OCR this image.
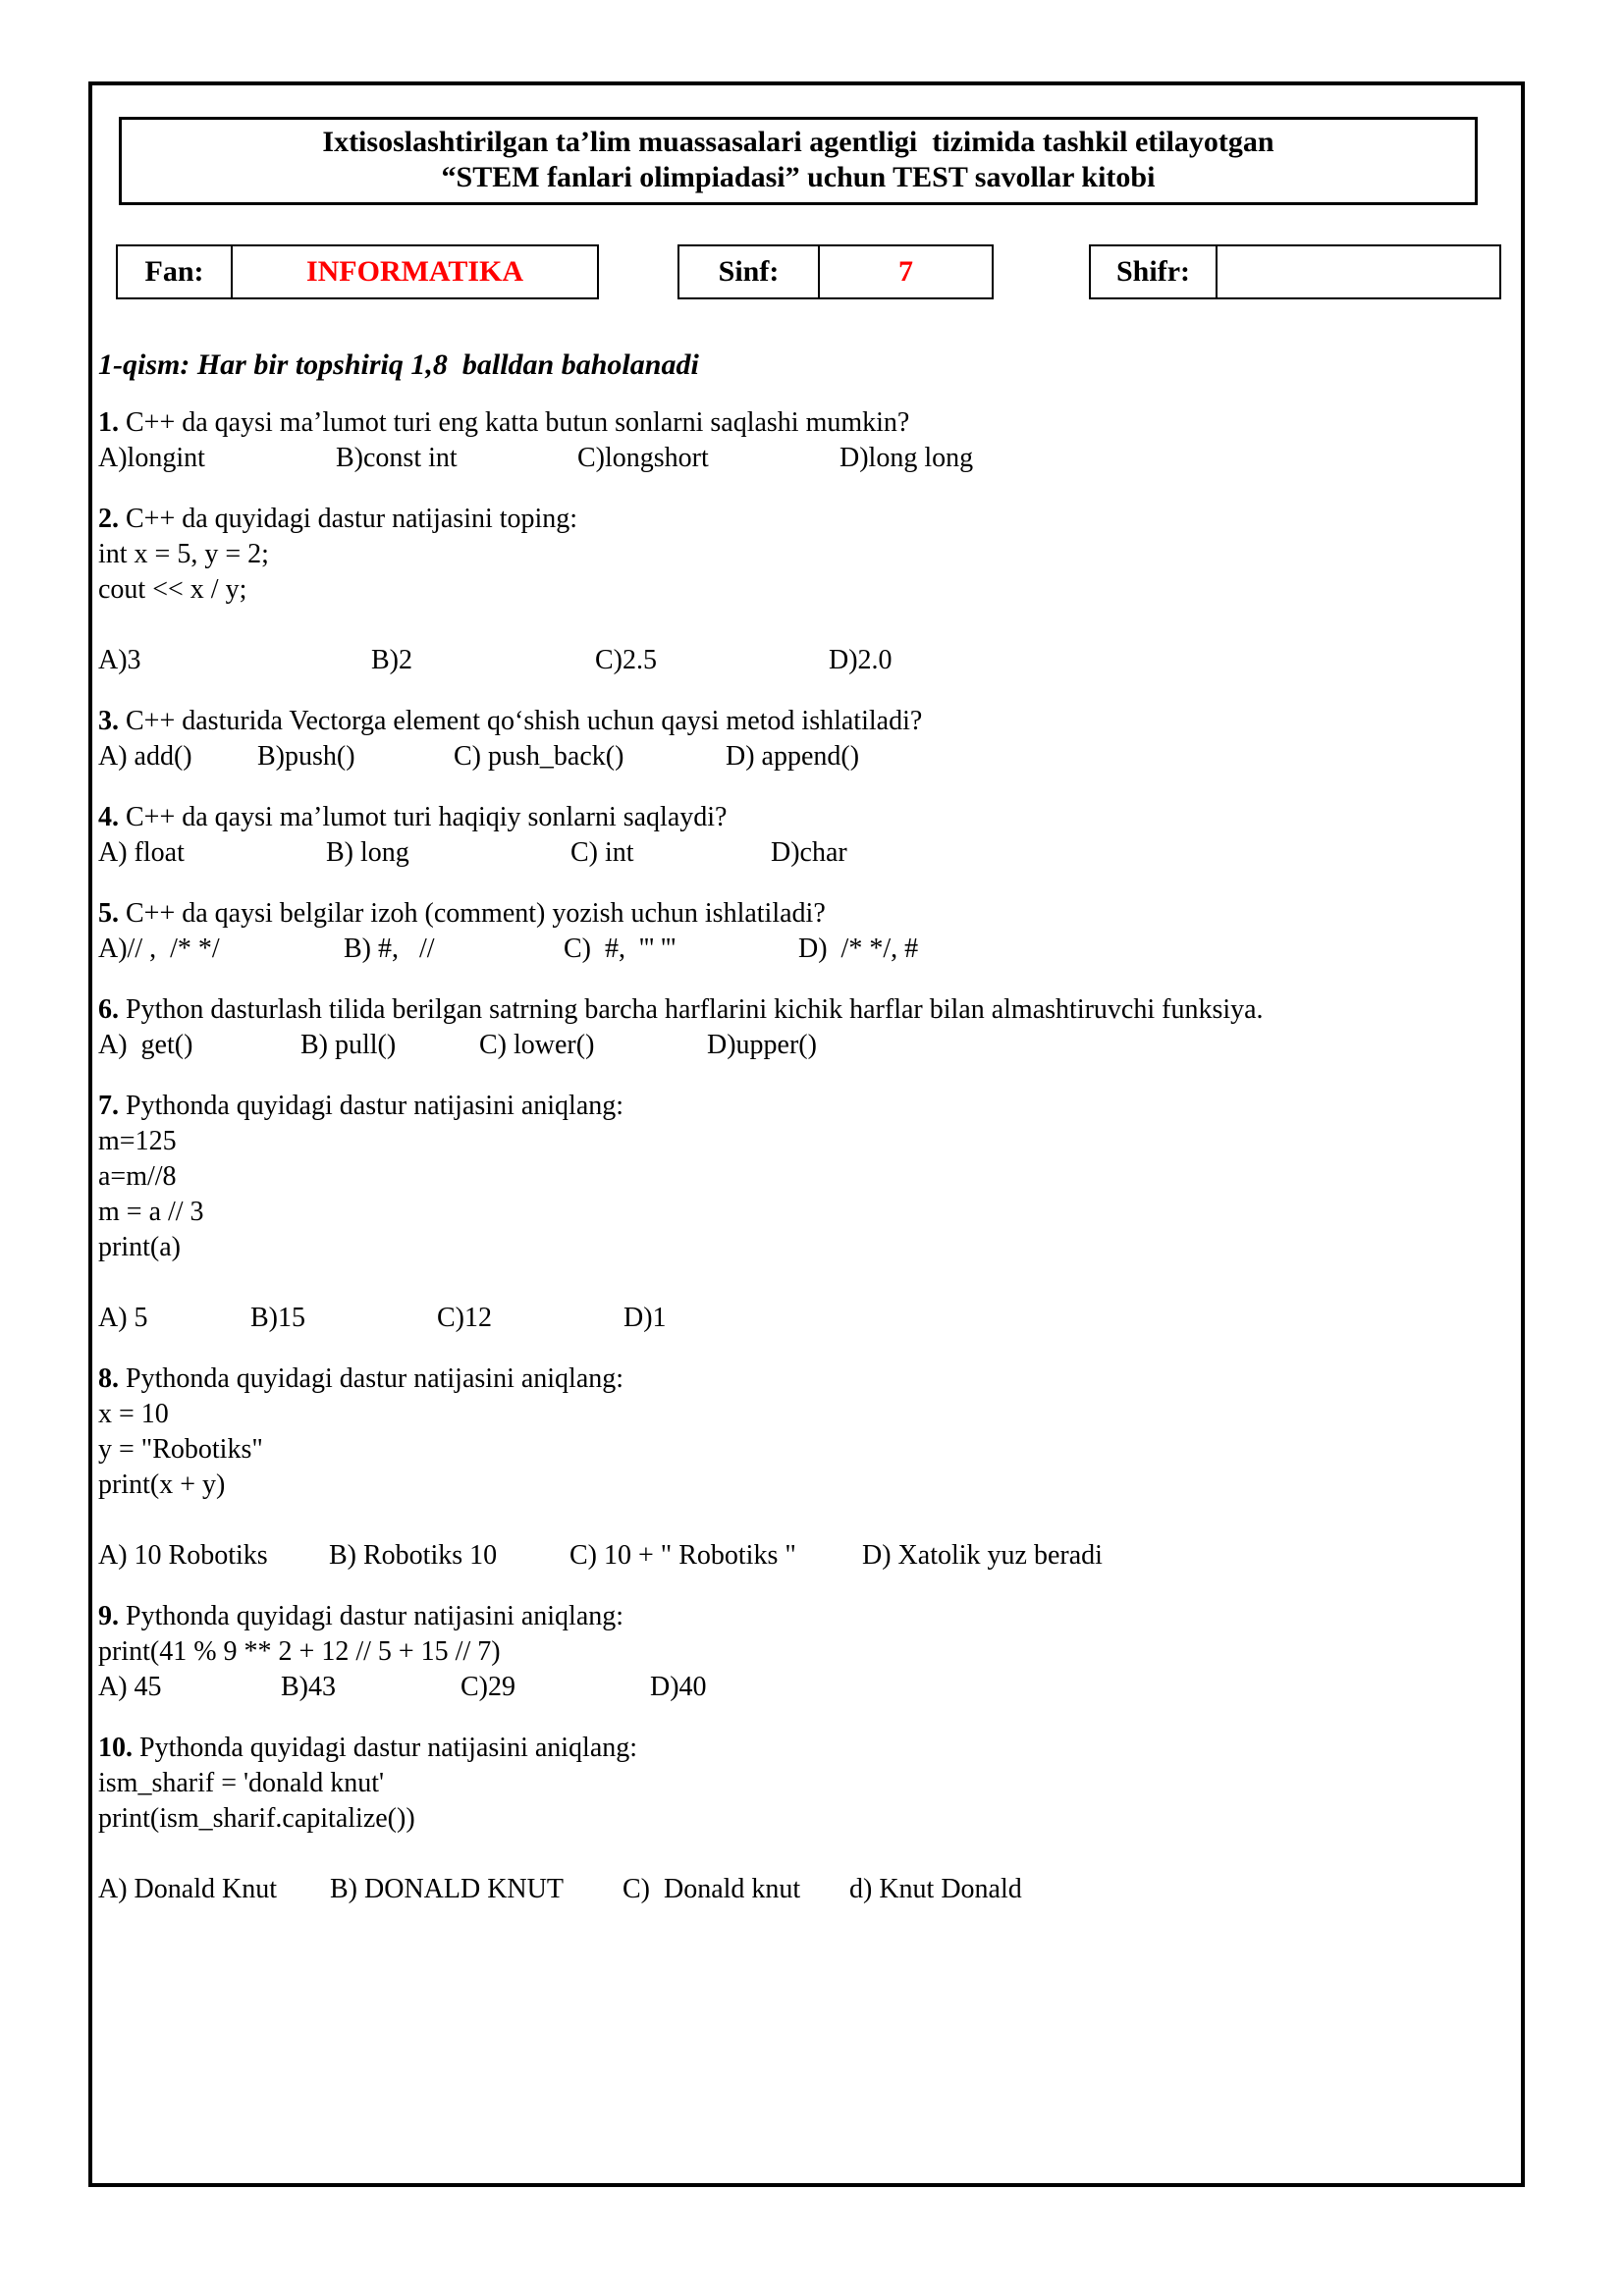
Ixtisoslashtirilgan ta’lim muassasalari agentligi  tizimida tashkil etilayotgan
“STEM fanlari olimpiadasi” uchun TEST savollar kitobi
Fan:	INFORMATIKA	Sinf:	7	Shifr:
1-qism: Har bir topshiriq 1,8  balldan baholanadi
1. C++ da qaysi ma’lumot turi eng katta butun sonlarni saqlashi mumkin?
A)longint	B)const int	C)longshort	D)long long
2. C++ da quyidagi dastur natijasini toping:
int x = 5, y = 2;
cout << x / y;
A)3	B)2	C)2.5	D)2.0
3. C++ dasturida Vectorga element qo‘shish uchun qaysi metod ishlatiladi?
A) add() B)push()	C) push_back()	D) append()
4. C++ da qaysi ma’lumot turi haqiqiy sonlarni saqlaydi?
A) float	B) long	C) int	D)char
5. C++ da qaysi belgilar izoh (comment) yozish uchun ishlatiladi?
A)// ,  /* */	B) #,   //	C)  #,  ''' '''	D)  /* */, #
6. Python dasturlash tilida berilgan satrning barcha harflarini kichik harflar bilan almashtiruvchi funksiya.
A)  get()	B) pull()	C) lower()	D)upper()
7. Pythonda quyidagi dastur natijasini aniqlang:
m=125
a=m//8
m = a // 3
print(a)
A) 5	B)15	C)12	D)1
8. Pythonda quyidagi dastur natijasini aniqlang:
x = 10
y = "Robotiks"
print(x + y)
A) 10 Robotiks B) Robotiks 10	C) 10 + " Robotiks " D) Xatolik yuz beradi
9. Pythonda quyidagi dastur natijasini aniqlang:
print(41 % 9 ** 2 + 12 // 5 + 15 // 7)
A) 45	B)43	C)29	D)40
10. Pythonda quyidagi dastur natijasini aniqlang:
ism_sharif = 'donald knut'
print(ism_sharif.capitalize())
A) Donald Knut B) DONALD KNUT C)  Donald knut d) Knut Donald
